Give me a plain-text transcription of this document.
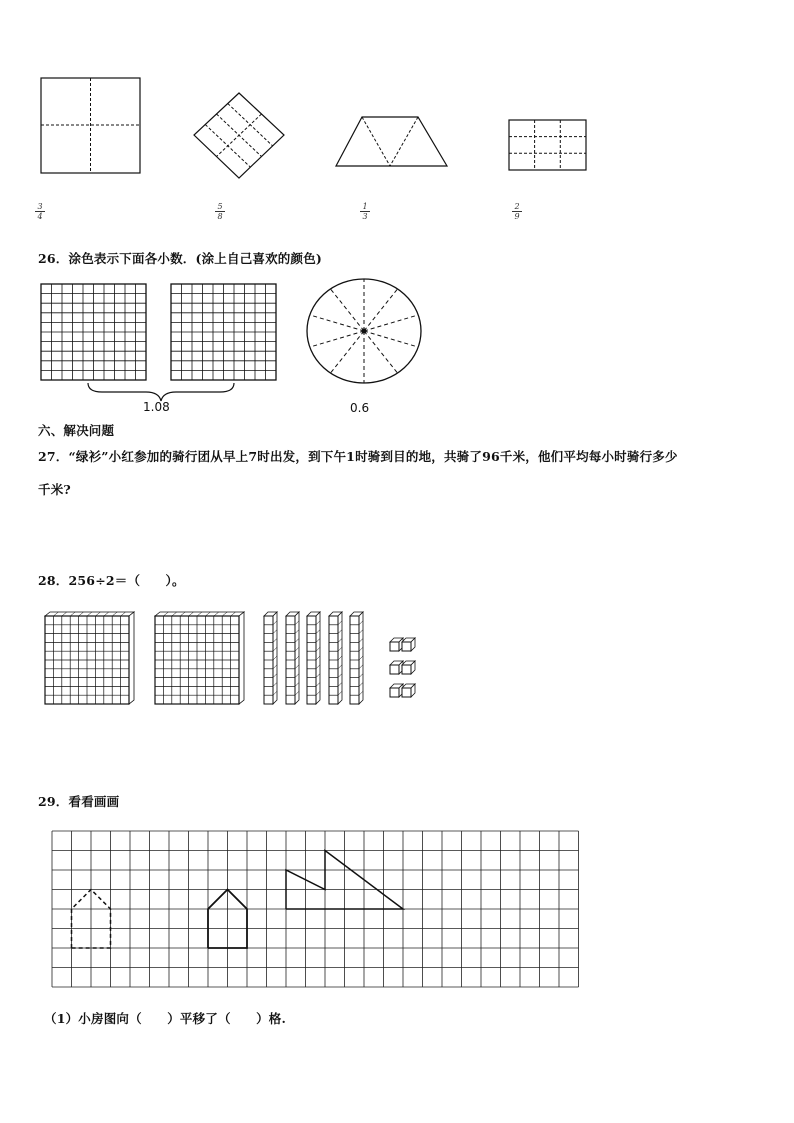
$\frac{3}{4}$	$\frac{5}{8}$	$\frac{1}{3}$	$\frac{2}{9}$
26．涂色表示下面各小数．(涂上自己喜欢的颜色)
1.08	0.6
六、解决问题
27．“绿衫”小红参加的骑行团从早上7时出发，到下午1时骑到目的地，共骑了96千米，他们平均每小时骑行多少
千米?
28．256÷2＝（　　）。
29．看看画画
（1）小房图向（　　）平移了（　　）格.
